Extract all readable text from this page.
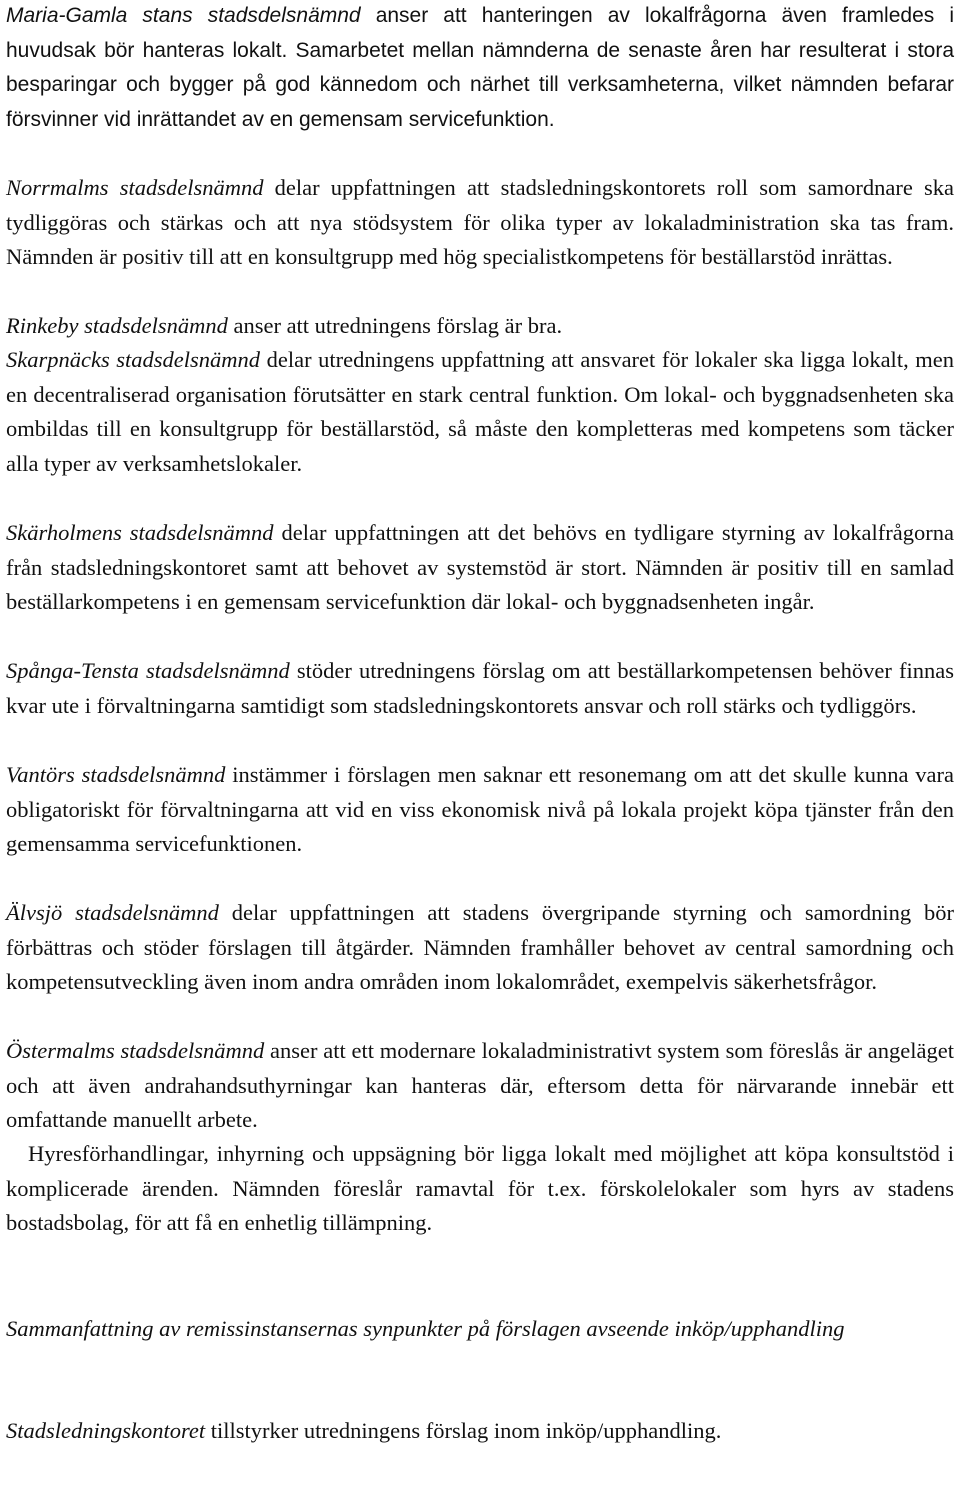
Maria-Gamla stans stadsdelsnämnd anser att hanteringen av lokalfrågorna även framledes i huvudsak bör hanteras lokalt. Samarbetet mellan nämnderna de senaste åren har resulterat i stora besparingar och bygger på god kännedom och närhet till verksamheterna, vilket nämnden befarar försvinner vid inrättandet av en gemensam servicefunktion.

Norrmalms stadsdelsnämnd delar uppfattningen att stadsledningskontorets roll som samordnare ska tydliggöras och stärkas och att nya stödsystem för olika typer av lokaladministration ska tas fram. Nämnden är positiv till att en konsultgrupp med hög specialistkompetens för beställarstöd inrättas.

Rinkeby stadsdelsnämnd anser att utredningens förslag är bra.

Skarpnäcks stadsdelsnämnd delar utredningens uppfattning att ansvaret för lokaler ska ligga lokalt, men en decentraliserad organisation förutsätter en stark central funktion. Om lokal- och byggnadsenheten ska ombildas till en konsultgrupp för beställarstöd, så måste den kompletteras med kompetens som täcker alla typer av verksamhetslokaler.

Skärholmens stadsdelsnämnd delar uppfattningen att det behövs en tydligare styrning av lokalfrågorna från stadsledningskontoret samt att behovet av systemstöd är stort. Nämnden är positiv till en samlad beställarkompetens i en gemensam servicefunktion där lokal- och byggnadsenheten ingår.

Spånga-Tensta stadsdelsnämnd stöder utredningens förslag om att beställarkompetensen behöver finnas kvar ute i förvaltningarna samtidigt som stadsledningskontorets ansvar och roll stärks och tydliggörs.

Vantörs stadsdelsnämnd instämmer i förslagen men saknar ett resonemang om att det skulle kunna vara obligatoriskt för förvaltningarna att vid en viss ekonomisk nivå på lokala projekt köpa tjänster från den gemensamma servicefunktionen.

Älvsjö stadsdelsnämnd delar uppfattningen att stadens övergripande styrning och samordning bör förbättras och stöder förslagen till åtgärder. Nämnden framhåller behovet av central samordning och kompetensutveckling även inom andra områden inom lokalområdet, exempelvis säkerhetsfrågor.

Östermalms stadsdelsnämnd anser att ett modernare lokaladministrativt system som föreslås är angeläget och att även andrahandsuthyrningar kan hanteras där, eftersom detta för närvarande innebär ett omfattande manuellt arbete.

Hyresförhandlingar, inhyrning och uppsägning bör ligga lokalt med möjlighet att köpa konsultstöd i komplicerade ärenden. Nämnden föreslår ramavtal för t.ex. förskolelokaler som hyrs av stadens bostadsbolag, för att få en enhetlig tillämpning.

Sammanfattning av remissinstansernas synpunkter på förslagen avseende inköp/upphandling

Stadsledningskontoret tillstyrker utredningens förslag inom inköp/upphandling.
